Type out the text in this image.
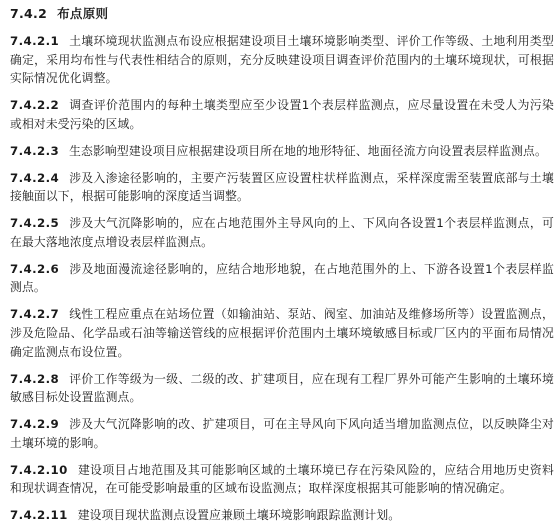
7.4.2 布点原则
7.4.2.1 土壤环境现状监测点布设应根据建设项目土壤环境影响类型、评价工作等级、土地利用类型确定，采用均布性与代表性相结合的原则，充分反映建设项目调查评价范围内的土壤环境现状，可根据实际情况优化调整。
7.4.2.2 调查评价范围内的每种土壤类型应至少设置1个表层样监测点，应尽量设置在未受人为污染或相对未受污染的区域。
7.4.2.3 生态影响型建设项目应根据建设项目所在地的地形特征、地面径流方向设置表层样监测点。
7.4.2.4 涉及入渗途径影响的，主要产污装置区应设置柱状样监测点，采样深度需至装置底部与土壤接触面以下，根据可能影响的深度适当调整。
7.4.2.5 涉及大气沉降影响的，应在占地范围外主导风向的上、下风向各设置1个表层样监测点，可在最大落地浓度点增设表层样监测点。
7.4.2.6 涉及地面漫流途径影响的，应结合地形地貌，在占地范围外的上、下游各设置1个表层样监测点。
7.4.2.7 线性工程应重点在站场位置（如输油站、泵站、阀室、加油站及维修场所等）设置监测点，涉及危险品、化学品或石油等输送管线的应根据评价范围内土壤环境敏感目标或厂区内的平面布局情况确定监测点布设位置。
7.4.2.8 评价工作等级为一级、二级的改、扩建项目，应在现有工程厂界外可能产生影响的土壤环境敏感目标处设置监测点。
7.4.2.9 涉及大气沉降影响的改、扩建项目，可在主导风向下风向适当增加监测点位，以反映降尘对土壤环境的影响。
7.4.2.10 建设项目占地范围及其可能影响区域的土壤环境已存在污染风险的，应结合用地历史资料和现状调查情况，在可能受影响最重的区域布设监测点；取样深度根据其可能影响的情况确定。
7.4.2.11 建设项目现状监测点设置应兼顾土壤环境影响跟踪监测计划。
